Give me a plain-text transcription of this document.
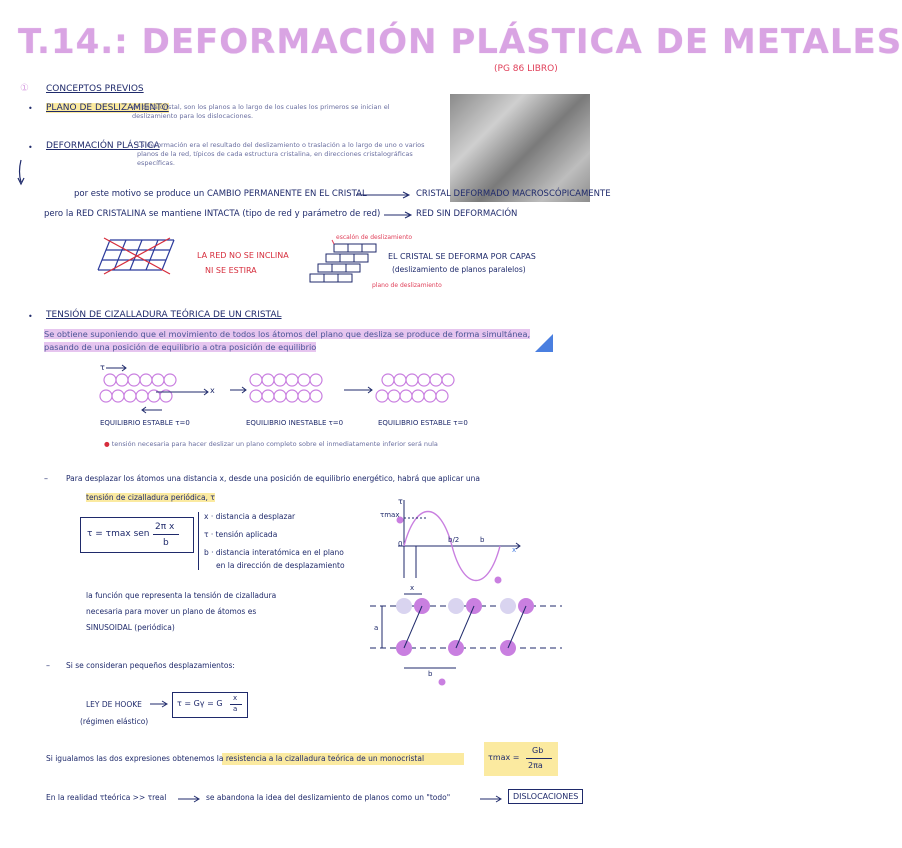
T.14.: DEFORMACIÓN PLÁSTICA DE METALES
(PG 86 LIBRO)
① CONCEPTOS PREVIOS
• PLANO DE DESLIZAMIENTO
en cada cristal, son los planos a lo largo de los cuales los primeros se inician el deslizamiento para los dislocaciones.
• DEFORMACIÓN PLÁSTICA
La deformación era el resultado del deslizamiento o traslación a lo largo de uno o varios planos de la red, típicos de cada estructura cristalina, en direcciones cristalográficas específicas.
por este motivo se produce un CAMBIO PERMANENTE EN EL CRISTAL	CRISTAL DEFORMADO MACROSCÓPICAMENTE
pero la RED CRISTALINA se mantiene INTACTA (tipo de red y parámetro de red)	RED SIN DEFORMACIÓN
LA RED NO SE INCLINA
NI SE ESTIRA
escalón de deslizamiento
plano de deslizamiento
EL CRISTAL SE DEFORMA POR CAPAS
(deslizamiento de planos paralelos)
• TENSIÓN DE CIZALLADURA TEÓRICA DE UN CRISTAL
Se obtiene suponiendo que el movimiento de todos los átomos del plano que desliza se produce de forma simultánea, pasando de una posición de equilibrio a otra posición de equilibrio
τ
x
EQUILIBRIO ESTABLE τ=0	EQUILIBRIO INESTABLE τ=0	EQUILIBRIO ESTABLE τ=0
● tensión necesaria para hacer deslizar un plano completo sobre el inmediatamente inferior será nula
– Para desplazar los átomos una distancia x, desde una posición de equilibrio energético, habrá que aplicar una
tensión de cizalladura periódica, τ
τ = τmax sen
2π x
b
x · distancia a desplazar
τ · tensión aplicada
b · distancia interatómica en el plano
en la dirección de desplazamiento
τ
τmax
0	b/2	b
x
la función que representa la tensión de cizalladura
necesaria para mover un plano de átomos es
SINUSOIDAL (periódica)
x
a
b
– Si se consideran pequeños desplazamientos:
LEY DE HOOKE
(régimen elástico)
τ = Gγ = G
x
a
Si igualamos las dos expresiones obtenemos la resistencia a la cizalladura teórica de un monocristal	τmax =
Gb
2πa
En la realidad τteórica >> τreal	se abandona la idea del deslizamiento de planos como un "todo"	DISLOCACIONES
